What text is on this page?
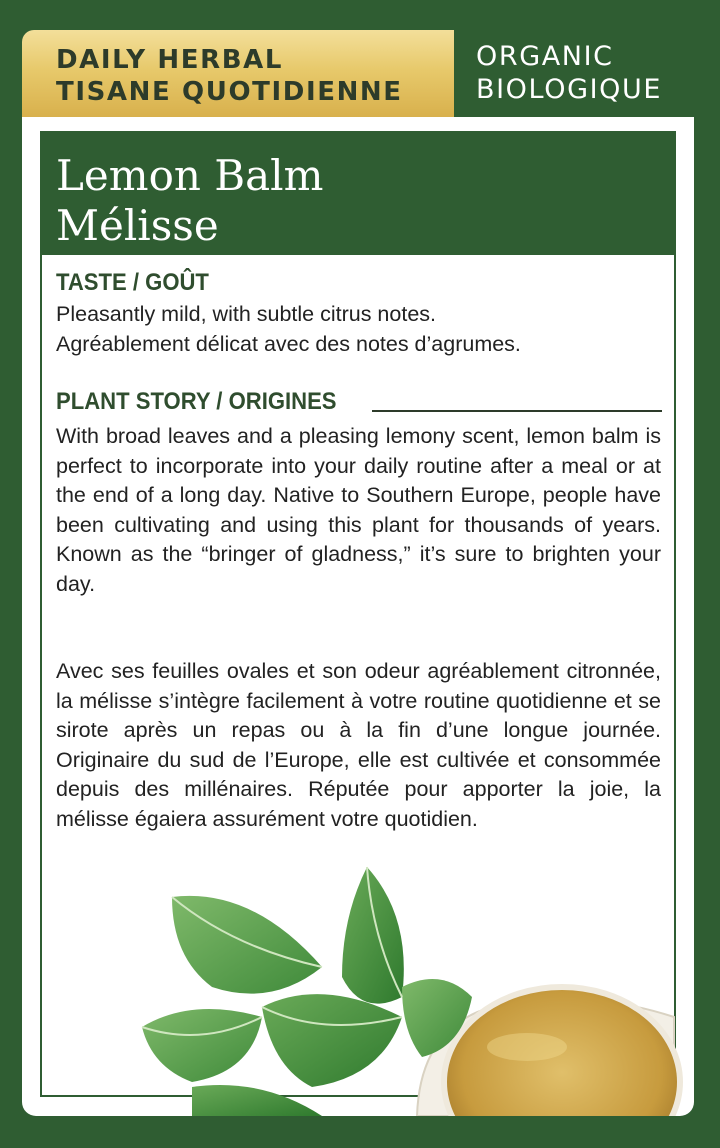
DAILY HERBAL
TISANE QUOTIDIENNE
ORGANIC
BIOLOGIQUE
Lemon Balm
Mélisse
TASTE / GOÛT
Pleasantly mild, with subtle citrus notes.
Agréablement délicat avec des notes d’agrumes.
PLANT STORY / ORIGINES
With broad leaves and a pleasing lemony scent, lemon balm is perfect to incorporate into your daily routine after a meal or at the end of a long day. Native to Southern Europe, people have been cultivating and using this plant for thousands of years. Known as the “bringer of gladness,” it’s sure to brighten your day.
Avec ses feuilles ovales et son odeur agréablement citronnée, la mélisse s’intègre facilement à votre routine quotidienne et se sirote après un repas ou à la fin d’une longue journée. Originaire du sud de l’Europe, elle est cultivée et consommée depuis des millénaires. Réputée pour apporter la joie, la mélisse égaiera assurément votre quotidien.
